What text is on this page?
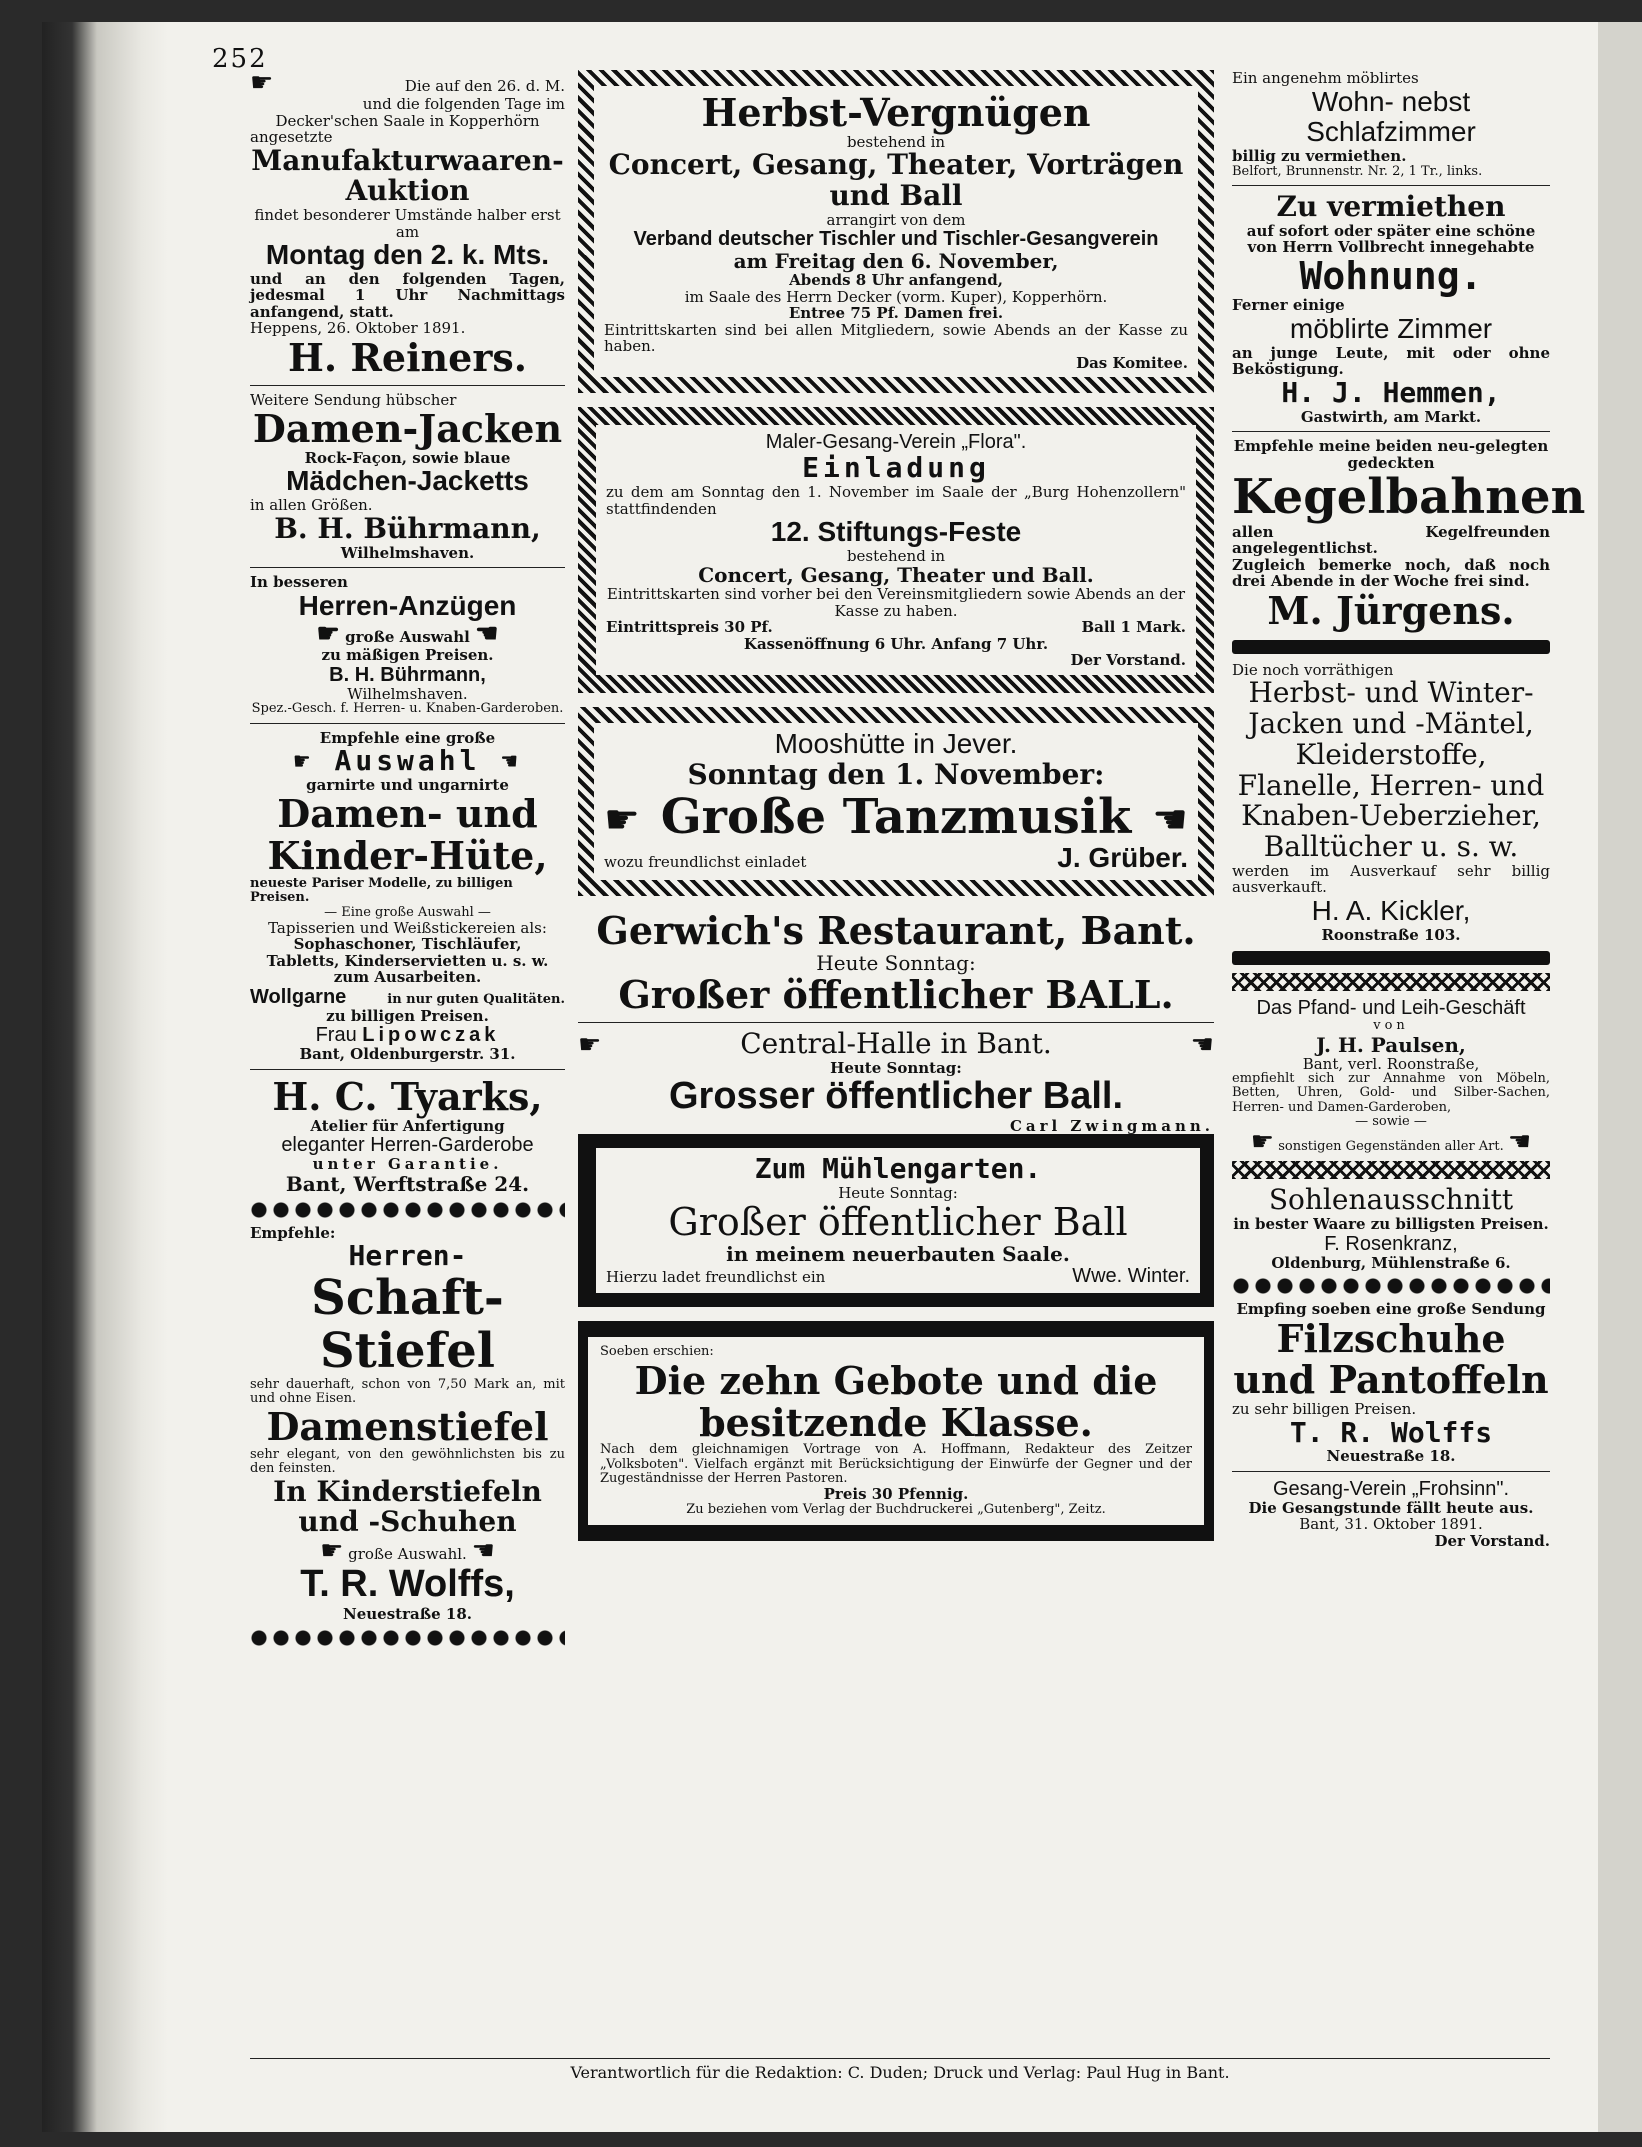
252
☛	Die auf den 26. d. M.
und die folgenden Tage im
Decker'schen Saale in Kopperhörn
angesetzte
Manufakturwaaren-
Auktion
findet besonderer Umstände halber erst am
Montag den 2. k. Mts.
und an den folgenden Tagen, jedesmal 1 Uhr Nachmittags anfangend, statt.
Heppens, 26. Oktober 1891.
H. Reiners.
Weitere Sendung hübscher
Damen-Jacken
Rock-Façon, sowie blaue
Mädchen-Jacketts
in allen Größen.
B. H. Bührmann,
Wilhelmshaven.
In besseren
Herren-Anzügen
☛ große Auswahl ☚
zu mäßigen Preisen.
B. H. Bührmann,
Wilhelmshaven.
Spez.-Gesch. f. Herren- u. Knaben-Garderoben.
Empfehle eine große
☛ Auswahl ☚
garnirte und ungarnirte
Damen- und
Kinder-Hüte,
neueste Pariser Modelle, zu billigen Preisen.
— Eine große Auswahl —
Tapisserien und Weißstickereien als:
Sophaschoner, Tischläufer,
Tabletts, Kinderservietten u. s. w.
zum Ausarbeiten.
Wollgarne	in nur guten Qualitäten.
zu billigen Preisen.
Frau Lipowczak
Bant, Oldenburgerstr. 31.
H. C. Tyarks,
Atelier für Anfertigung
eleganter Herren-Garderobe
unter Garantie.
Bant, Werftstraße 24.
Empfehle:
Herren-
Schaft-Stiefel
sehr dauerhaft, schon von 7,50 Mark an, mit und ohne Eisen.
Damenstiefel
sehr elegant, von den gewöhnlichsten bis zu den feinsten.
In Kinderstiefeln und -Schuhen
☛ große Auswahl. ☚
T. R. Wolffs,
Neuestraße 18.
Herbst-Vergnügen
bestehend in
Concert, Gesang, Theater, Vorträgen und Ball
arrangirt von dem
Verband deutscher Tischler und Tischler-Gesangverein
am Freitag den 6. November,
Abends 8 Uhr anfangend,
im Saale des Herrn Decker (vorm. Kuper), Kopperhörn.
Entree 75 Pf. Damen frei.
Eintrittskarten sind bei allen Mitgliedern, sowie Abends an der Kasse zu haben.
Das Komitee.
Maler-Gesang-Verein „Flora".
Einladung
zu dem am Sonntag den 1. November im Saale der „Burg Hohenzollern" stattfindenden
12. Stiftungs-Feste
bestehend in
Concert, Gesang, Theater und Ball.
Eintrittskarten sind vorher bei den Vereinsmitgliedern sowie Abends an der Kasse zu haben.
Eintrittspreis 30 Pf.	Ball 1 Mark.
Kassenöffnung 6 Uhr. Anfang 7 Uhr.
Der Vorstand.
Mooshütte in Jever.
Sonntag den 1. November:
☛ Große Tanzmusik ☚
wozu freundlichst einladet	J. Grüber.
Gerwich's Restaurant, Bant.
Heute Sonntag:
Großer öffentlicher BALL.
☛	Central-Halle in Bant.	☚
Heute Sonntag:
Grosser öffentlicher Ball.
Carl Zwingmann.
Zum Mühlengarten.
Heute Sonntag:
Großer öffentlicher Ball
in meinem neuerbauten Saale.
Hierzu ladet freundlichst ein	Wwe. Winter.
Soeben erschien:
Die zehn Gebote und die besitzende Klasse.
Nach dem gleichnamigen Vortrage von A. Hoffmann, Redakteur des Zeitzer „Volksboten". Vielfach ergänzt mit Berücksichtigung der Einwürfe der Gegner und der Zugeständnisse der Herren Pastoren.
Preis 30 Pfennig.
Zu beziehen vom Verlag der Buchdruckerei „Gutenberg", Zeitz.
Ein angenehm möblirtes
Wohn- nebst Schlafzimmer
billig zu vermiethen.
Belfort, Brunnenstr. Nr. 2, 1 Tr., links.
Zu vermiethen
auf sofort oder später eine schöne von Herrn Vollbrecht innegehabte
Wohnung.
Ferner einige
möblirte Zimmer
an junge Leute, mit oder ohne Beköstigung.
H. J. Hemmen,
Gastwirth, am Markt.
Empfehle meine beiden neu-gelegten gedeckten
Kegelbahnen
allen Kegelfreunden angelegentlichst.
Zugleich bemerke noch, daß noch drei Abende in der Woche frei sind.
M. Jürgens.
Die noch vorräthigen
Herbst- und Winter-Jacken und -Mäntel, Kleiderstoffe, Flanelle, Herren- und Knaben-Ueberzieher, Balltücher u. s. w.
werden im Ausverkauf sehr billig ausverkauft.
H. A. Kickler,
Roonstraße 103.
Das Pfand- und Leih-Geschäft
von
J. H. Paulsen,
Bant, verl. Roonstraße,
empfiehlt sich zur Annahme von Möbeln, Betten, Uhren, Gold- und Silber-Sachen, Herren- und Damen-Garderoben,
— sowie —
☛ sonstigen Gegenständen aller Art. ☚
Sohlenausschnitt
in bester Waare zu billigsten Preisen.
F. Rosenkranz,
Oldenburg, Mühlenstraße 6.
Empfing soeben eine große Sendung
Filzschuhe und Pantoffeln
zu sehr billigen Preisen.
T. R. Wolffs
Neuestraße 18.
Gesang-Verein „Frohsinn".
Die Gesangstunde fällt heute aus.
Bant, 31. Oktober 1891.
Der Vorstand.
Verantwortlich für die Redaktion: C. Duden; Druck und Verlag: Paul Hug in Bant.
